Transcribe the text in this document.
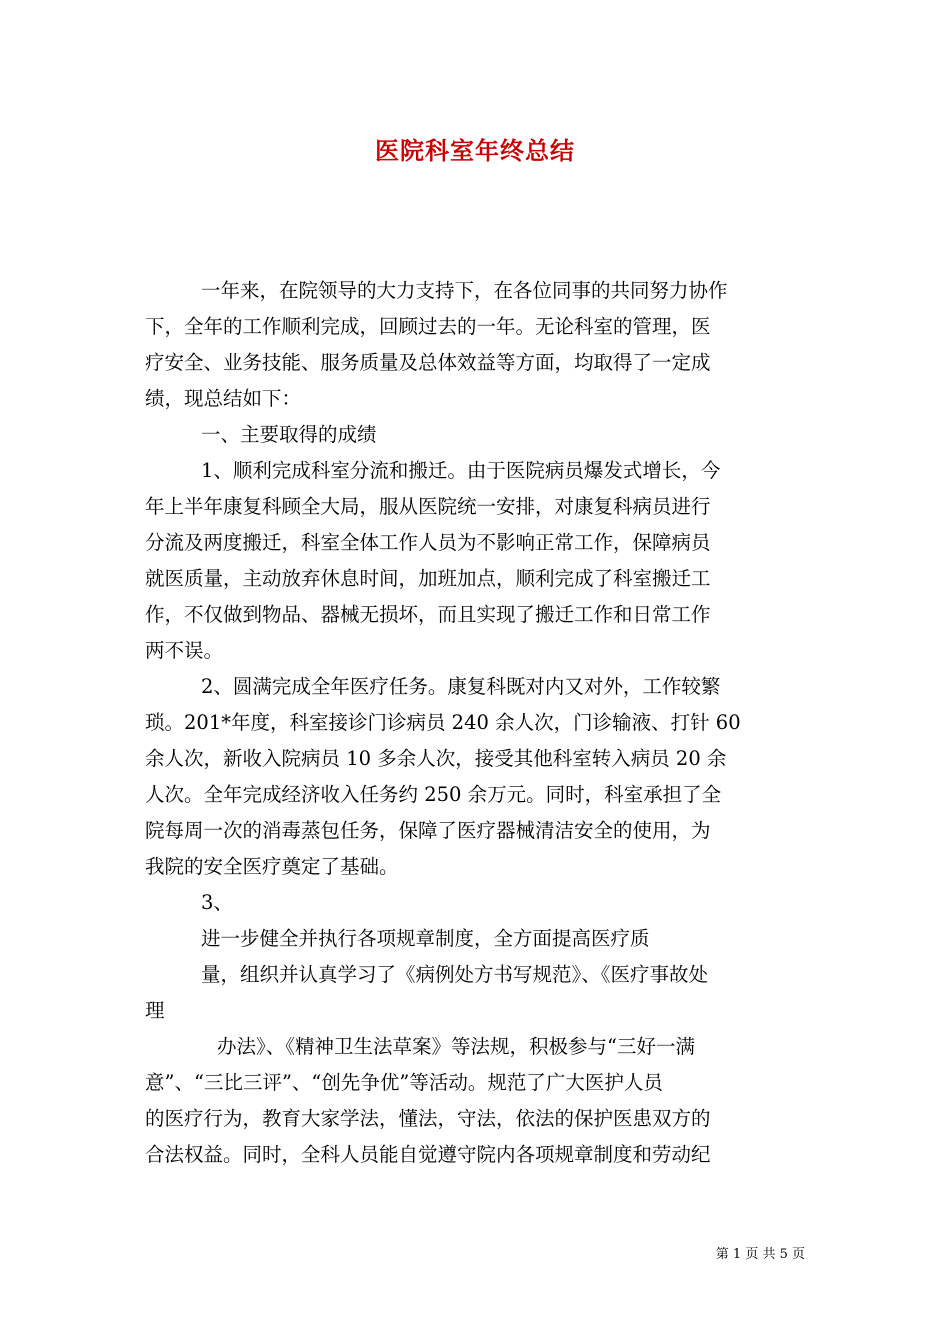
医院科室年终总结
一年来，在院领导的大力支持下，在各位同事的共同努力协作
下，全年的工作顺利完成，回顾过去的一年。无论科室的管理，医
疗安全、业务技能、服务质量及总体效益等方面，均取得了一定成
绩，现总结如下：
一、主要取得的成绩
1、顺利完成科室分流和搬迁。由于医院病员爆发式增长，今
年上半年康复科顾全大局，服从医院统一安排，对康复科病员进行
分流及两度搬迁，科室全体工作人员为不影响正常工作，保障病员
就医质量，主动放弃休息时间，加班加点，顺利完成了科室搬迁工
作，不仅做到物品、器械无损坏，而且实现了搬迁工作和日常工作
两不误。
2、圆满完成全年医疗任务。康复科既对内又对外，工作较繁
琐。201*年度，科室接诊门诊病员 240 余人次，门诊输液、打针 60
余人次，新收入院病员 10 多余人次，接受其他科室转入病员 20 余
人次。全年完成经济收入任务约 250 余万元。同时，科室承担了全
院每周一次的消毒蒸包任务，保障了医疗器械清洁安全的使用，为
我院的安全医疗奠定了基础。
3、
进一步健全并执行各项规章制度，全方面提高医疗质
量，组织并认真学习了《病例处方书写规范》、《医疗事故处
理
办法》、《精神卫生法草案》等法规，积极参与“三好一满
意”、“三比三评”、“创先争优”等活动。规范了广大医护人员
的医疗行为，教育大家学法，懂法，守法，依法的保护医患双方的
合法权益。同时，全科人员能自觉遵守院内各项规章制度和劳动纪
第 1 页 共 5 页
